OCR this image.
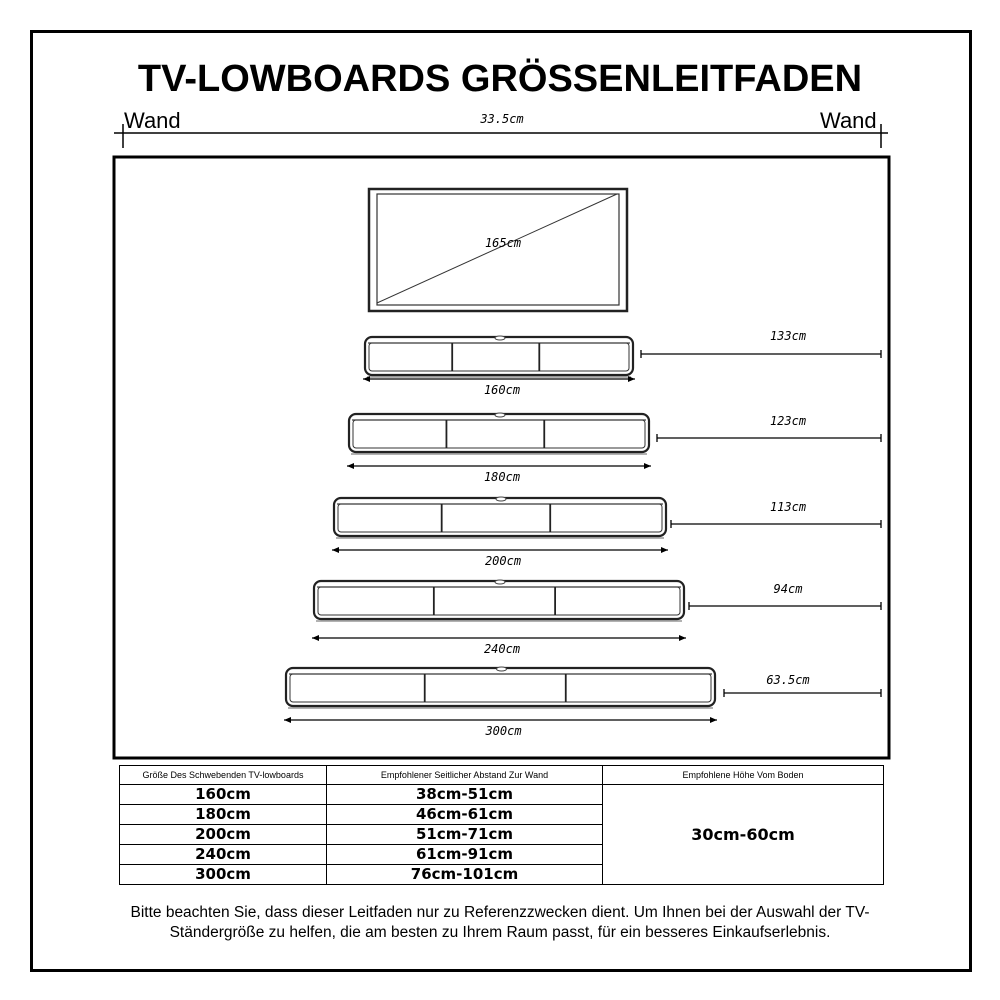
TV-LOWBOARDS GRÖSSENLEITFADEN
Wand	Wand
33.5cm
165cm
160cm
133cm
180cm
123cm
200cm
113cm
240cm
94cm
300cm
63.5cm
Größe Des Schwebenden TV-lowboards	Empfohlener Seitlicher Abstand Zur Wand	Empfohlene Höhe Vom Boden
160cm	38cm-51cm	30cm-60cm
180cm	46cm-61cm	
200cm	51cm-71cm	
240cm	61cm-91cm	
300cm	76cm-101cm	
Bitte beachten Sie, dass dieser Leitfaden nur zu Referenzzwecken dient. Um Ihnen bei der Auswahl der TV-Ständergröße zu helfen, die am besten zu Ihrem Raum passt, für ein besseres Einkaufserlebnis.
